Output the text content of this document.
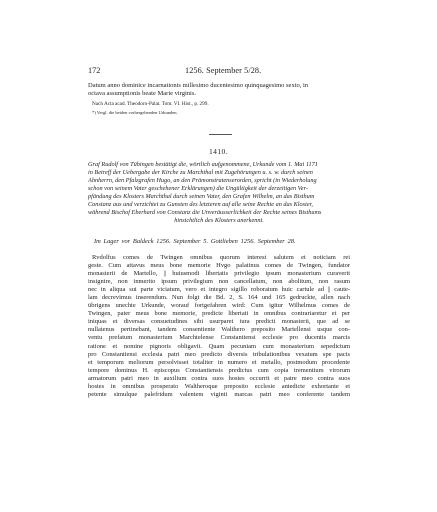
172	1256. September 5/28.
Datum anno dominice incarnationis millesimo ducentesimo quinquagesimo sexto, in
octava assumptionis beate Marie virginis.
Nach Acta acad. Theodoro-Palat. Tom. VI. Hist., p. 299.
*) Vergl. die beiden vorhergehenden Urkunden.
1410.
Graf Rudolf von Tübingen bestätigt die, wörtlich aufgenommene, Urkunde vom 1. Mai 1171
in Betreff der Uebergabe der Kirche zu Marchthal mit Zugehörungen u. s. w. durch seinen
Ahnherrn, den Pfalzgrafen Hugo, an den Prämonstratenserorden, spricht (in Wiederholung
schon von seinem Vater geschehener Erklärungen) die Ungültigkeit der derzeitigen Ver-
pfändung des Klosters Marchthal durch seinen Vater, den Grafen Wilhelm, an das Bisthum
Constanz aus und verzichtet zu Gunsten des letzteren auf alle seine Rechte an das Kloster,
während Bischof Eberhard von Constanz die Unveräusserlichkeit der Rechte seines Bisthums
hinsichtlich des Klosters anerkennt.
Im Lager vor Baldeck 1256. September 5. Gottlieben 1256. September 28.
Rvdolfus comes de Twingen omnibus quorum interest salutem et noticiam rei
geste. Cum attavus meus bone memorie Hvgo palatinus comes de Twingen, fundator
monasterii de Martello, || huiusmodi libertatis privilegio ipsum monasterium curaverit
insignire, non inmerito ipsum privilegium non cancellatum, non abolitum, non rasum
nec in aliqua sui parte viciatum, vero et integro sigillo roboratum huic cartule ad || cautе-
lam decrevimus inserendum. Nun folgt die Bd. 2, S. 164 und 165 gedruckte, allen nach
übrigens unechte Urkunde, worauf fortgefahren wird: Cum igitur Wilhelmus comes de
Twingen, pater meus bone memorie, predicte libertati in omnibus contrariaretur et per
iniquas et diversas consuetudines sibi usurparet iura predicti monasterii, que ad se
nullatenus pertinebant, tandem consentiente Walthero preposito Martellensi usque con-
ventu prefatum monasterium Marchtelense Constantiensi ecclesie pro ducentis marcis
ratione et nomine pignoris obligavit. Quam pecuniam cum monasterium sepedictum
pro Constantiensi ecclesia patri meo predicto diversis tribulationibus vexatum spe pacis
et temporum meliorum persolvisset totaliter in numero et metallo, postmodum procedente
tempore dominus H. episcopus Constantiensis predictus cum copia trementium virorum
armatorum patri meo in auxilium contra suos hostes occurrit et patre meo contra suos
hostes in omnibus prosperato Waltheroque preposito ecclesie antedicte exhortante et
petente simulque palefridum valentem viginti marcas patri meo conferente tandem
